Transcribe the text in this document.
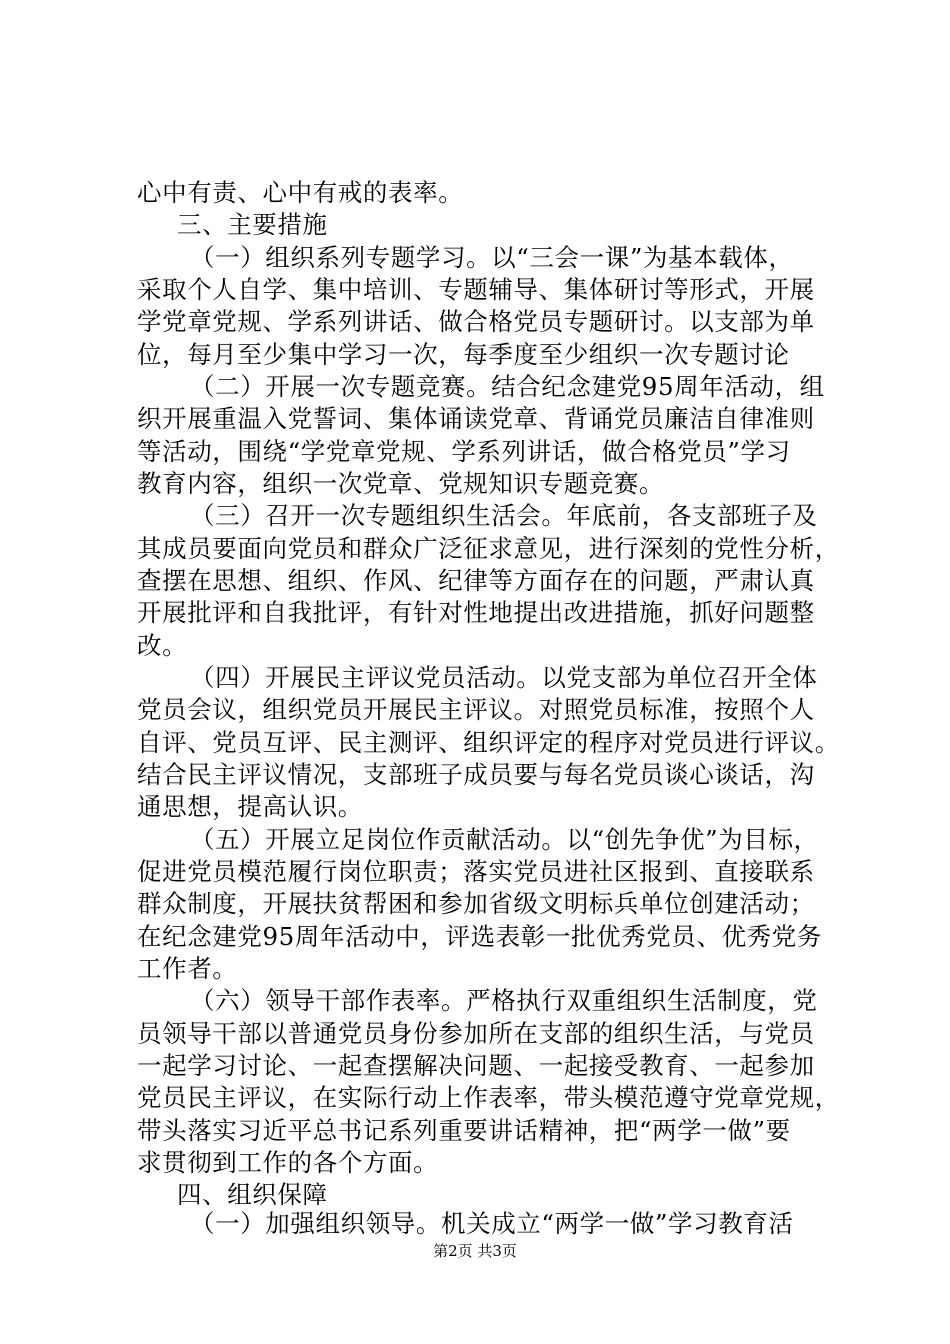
心中有责、心中有戒的表率。
三、主要措施
（一）组织系列专题学习。以“三会一课”为基本载体，
采取个人自学、集中培训、专题辅导、集体研讨等形式，开展
学党章党规、学系列讲话、做合格党员专题研讨。以支部为单
位，每月至少集中学习一次，每季度至少组织一次专题讨论
（二）开展一次专题竞赛。结合纪念建党95周年活动，组
织开展重温入党誓词、集体诵读党章、背诵党员廉洁自律准则
等活动，围绕“学党章党规、学系列讲话，做合格党员”学习
教育内容，组织一次党章、党规知识专题竞赛。
（三）召开一次专题组织生活会。年底前，各支部班子及
其成员要面向党员和群众广泛征求意见，进行深刻的党性分析，
查摆在思想、组织、作风、纪律等方面存在的问题，严肃认真
开展批评和自我批评，有针对性地提出改进措施，抓好问题整
改。
（四）开展民主评议党员活动。以党支部为单位召开全体
党员会议，组织党员开展民主评议。对照党员标准，按照个人
自评、党员互评、民主测评、组织评定的程序对党员进行评议。
结合民主评议情况，支部班子成员要与每名党员谈心谈话，沟
通思想，提高认识。
（五）开展立足岗位作贡献活动。以“创先争优”为目标，
促进党员模范履行岗位职责；落实党员进社区报到、直接联系
群众制度，开展扶贫帮困和参加省级文明标兵单位创建活动；
在纪念建党95周年活动中，评选表彰一批优秀党员、优秀党务
工作者。
（六）领导干部作表率。严格执行双重组织生活制度，党
员领导干部以普通党员身份参加所在支部的组织生活，与党员
一起学习讨论、一起查摆解决问题、一起接受教育、一起参加
党员民主评议，在实际行动上作表率，带头模范遵守党章党规，
带头落实习近平总书记系列重要讲话精神，把“两学一做”要
求贯彻到工作的各个方面。
四、组织保障
（一）加强组织领导。机关成立“两学一做”学习教育活
第2页 共3页
